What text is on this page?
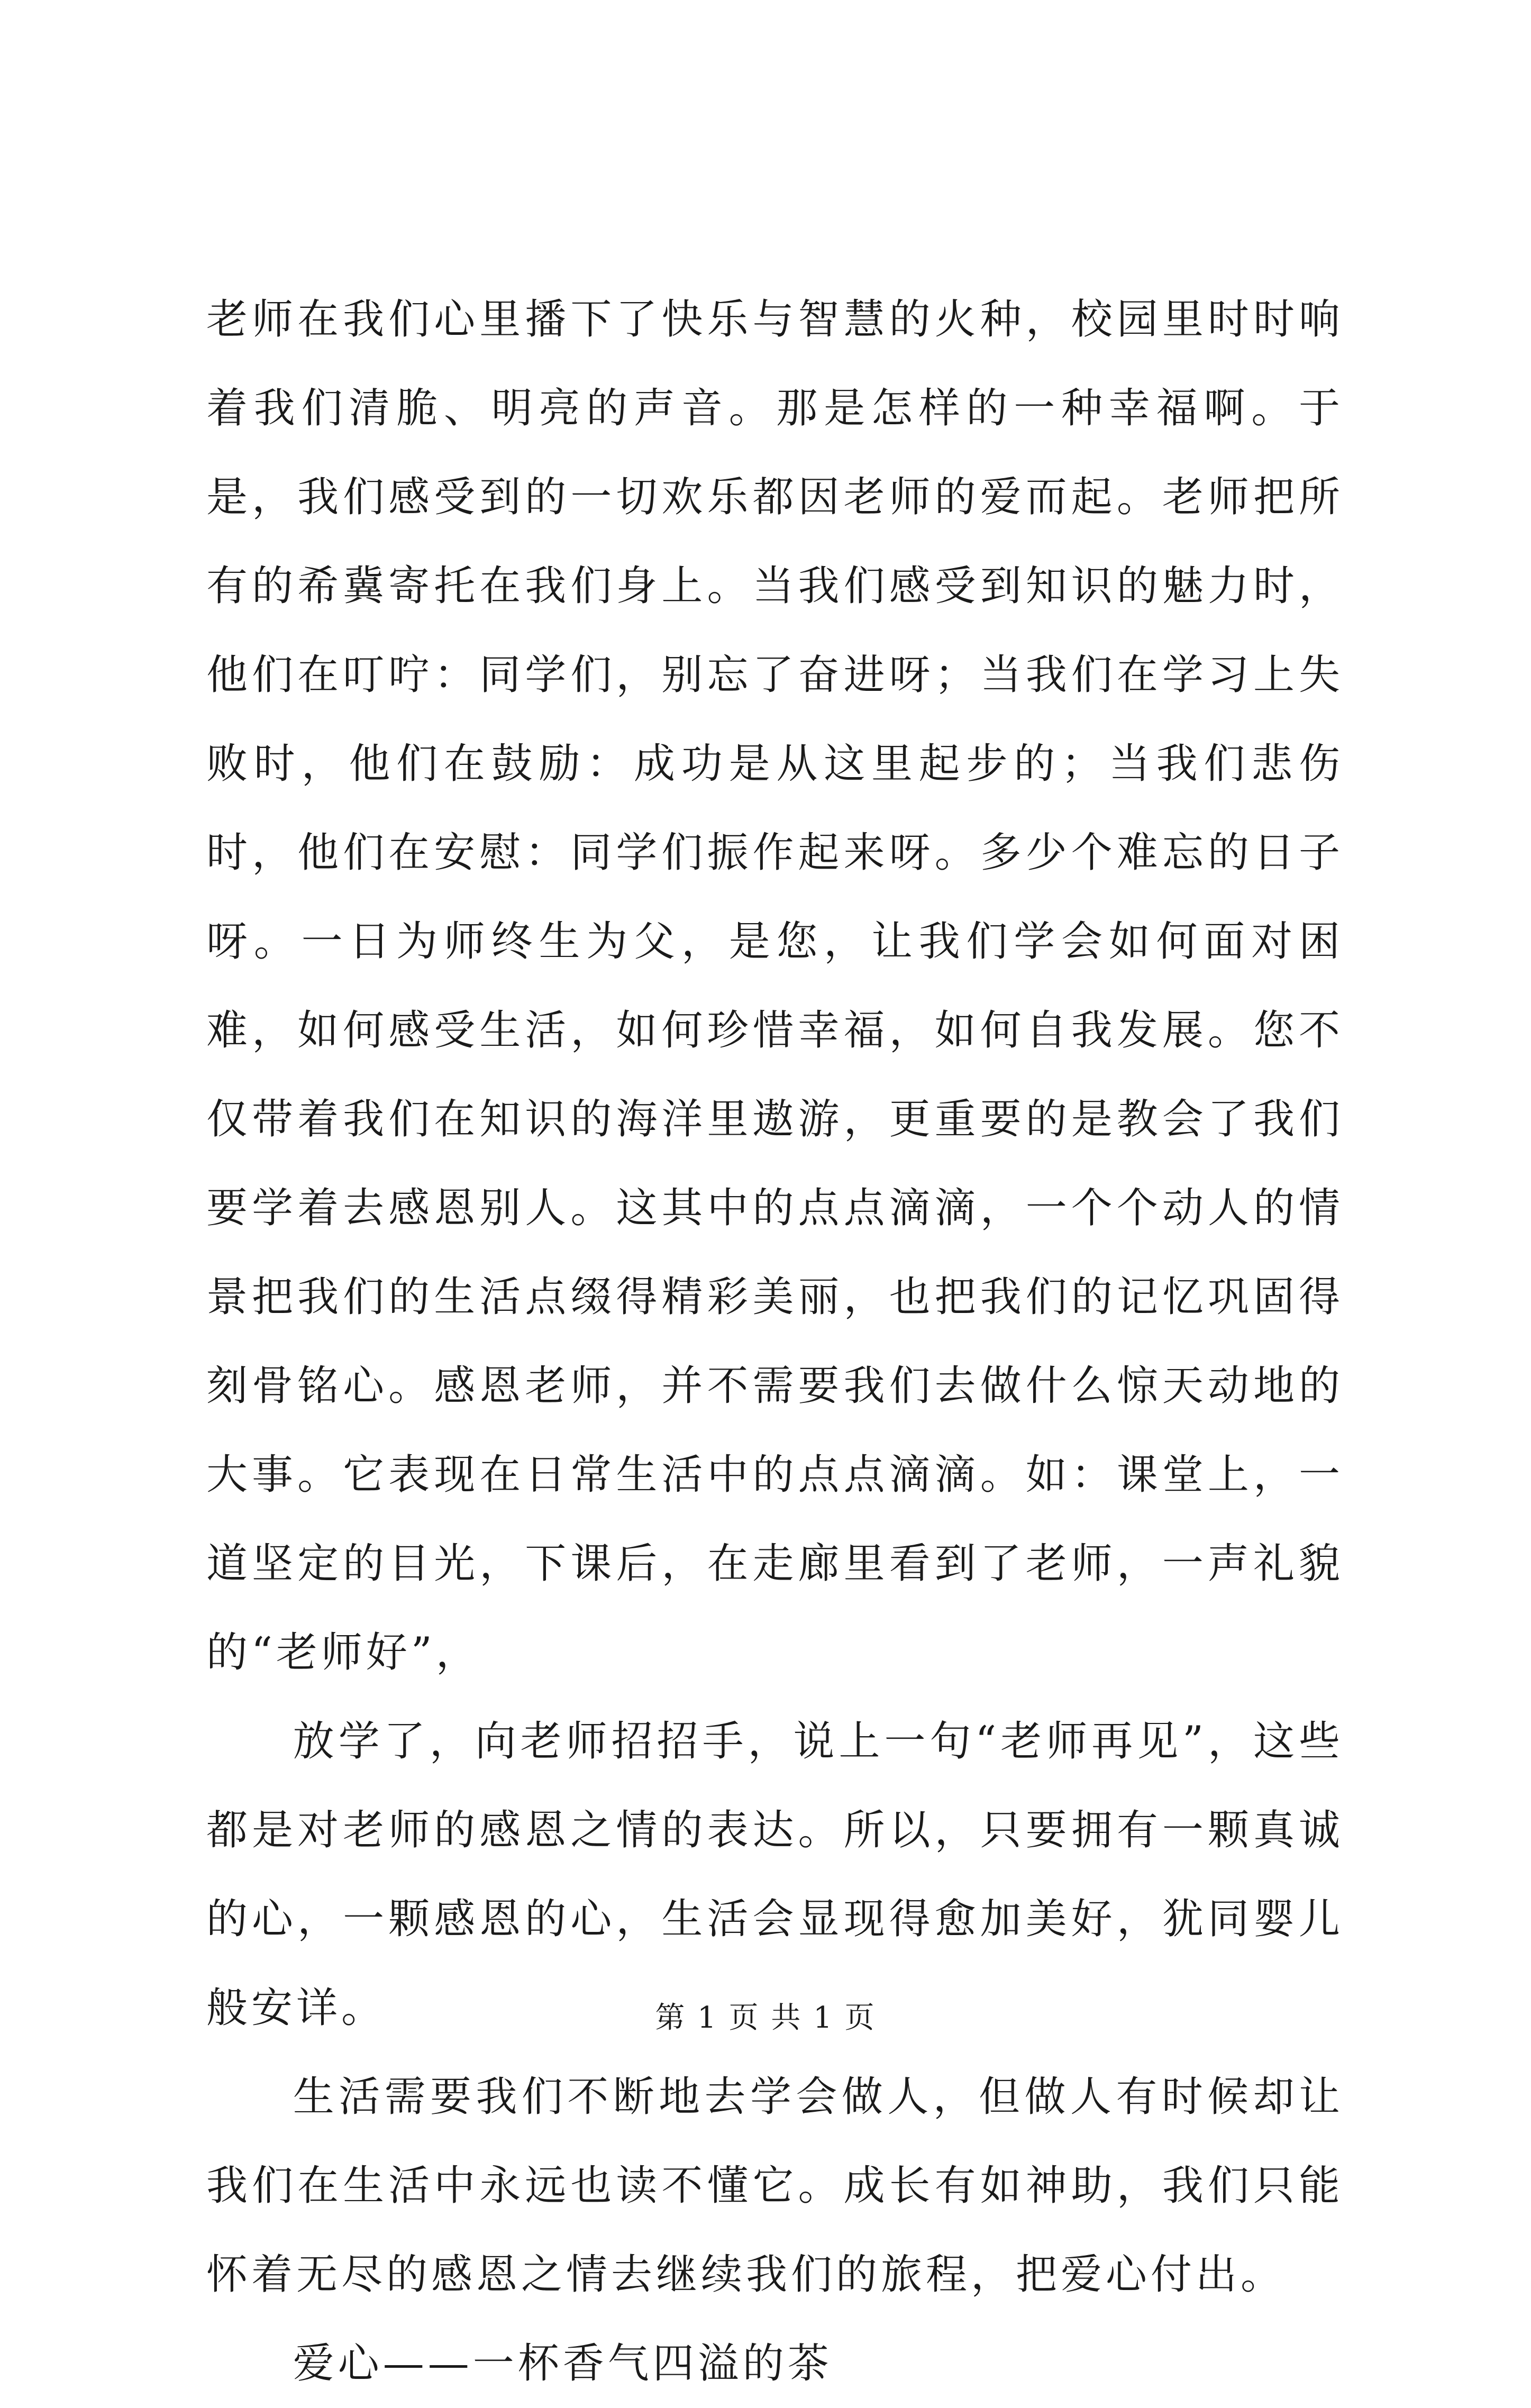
老师在我们心里播下了快乐与智慧的火种，校园里时时响着我们清脆、明亮的声音。那是怎样的一种幸福啊。于是，我们感受到的一切欢乐都因老师的爱而起。老师把所有的希冀寄托在我们身上。当我们感受到知识的魅力时，他们在叮咛：同学们，别忘了奋进呀；当我们在学习上失败时，他们在鼓励：成功是从这里起步的；当我们悲伤时，他们在安慰：同学们振作起来呀。多少个难忘的日子呀。一日为师终生为父，是您，让我们学会如何面对困难，如何感受生活，如何珍惜幸福，如何自我发展。您不仅带着我们在知识的海洋里遨游，更重要的是教会了我们要学着去感恩别人。这其中的点点滴滴，一个个动人的情景把我们的生活点缀得精彩美丽，也把我们的记忆巩固得刻骨铭心。感恩老师，并不需要我们去做什么惊天动地的大事。它表现在日常生活中的点点滴滴。如：课堂上，一道坚定的目光，下课后，在走廊里看到了老师，一声礼貌的“老师好”，

放学了，向老师招招手，说上一句“老师再见”，这些都是对老师的感恩之情的表达。所以，只要拥有一颗真诚的心，一颗感恩的心，生活会显现得愈加美好，犹同婴儿般安详。

生活需要我们不断地去学会做人，但做人有时候却让我们在生活中永远也读不懂它。成长有如神助，我们只能怀着无尽的感恩之情去继续我们的旅程，把爱心付出。

爱心——一杯香气四溢的茶

第 1 页 共 1 页
